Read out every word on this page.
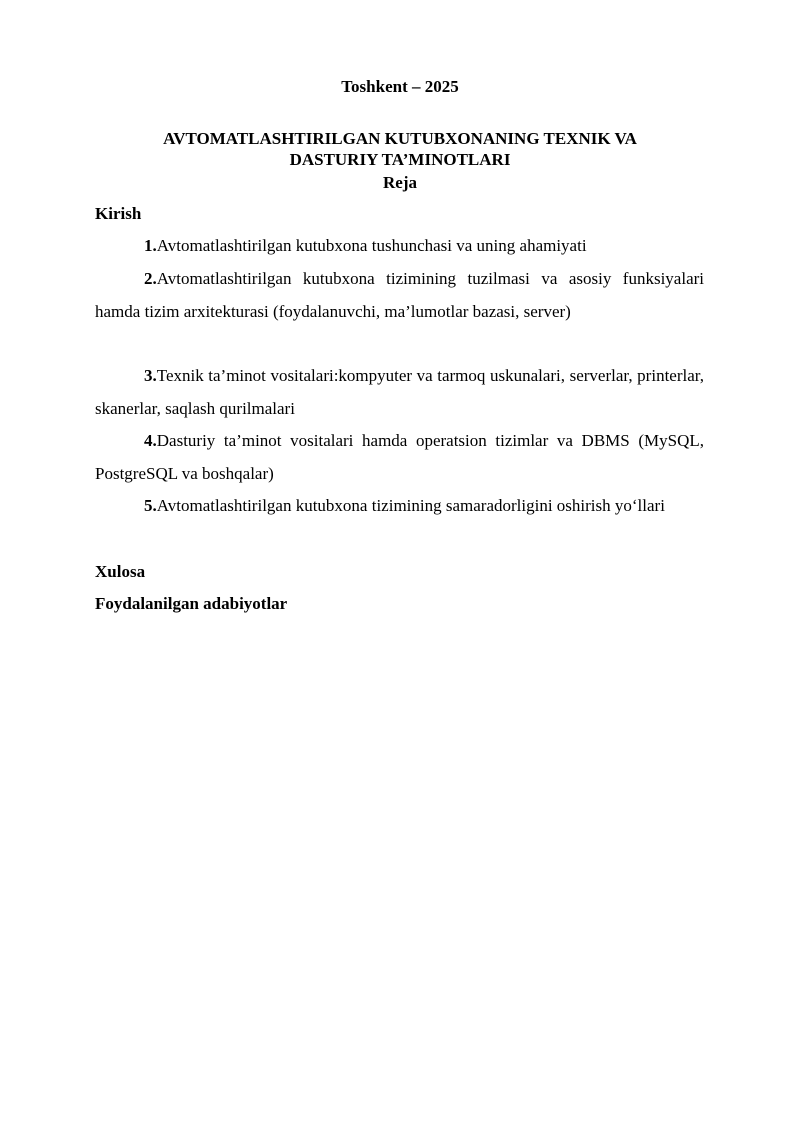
Toshkent – 2025
AVTOMATLASHTIRILGAN KUTUBXONANING TEXNIK VA
DASTURIY TA’MINOTLARI
Reja
Kirish
1.Avtomatlashtirilgan kutubxona tushunchasi va uning ahamiyati
2.Avtomatlashtirilgan kutubxona tizimining tuzilmasi va asosiy funksiyalari hamda tizim arxitekturasi (foydalanuvchi, ma’lumotlar bazasi, server)
3.Texnik ta’minot vositalari:kompyuter va tarmoq uskunalari, serverlar, printerlar, skanerlar, saqlash qurilmalari
4.Dasturiy ta’minot vositalari hamda operatsion tizimlar va DBMS (MySQL, PostgreSQL va boshqalar)
5.Avtomatlashtirilgan kutubxona tizimining samaradorligini oshirish yo‘llari
Xulosa
Foydalanilgan adabiyotlar
